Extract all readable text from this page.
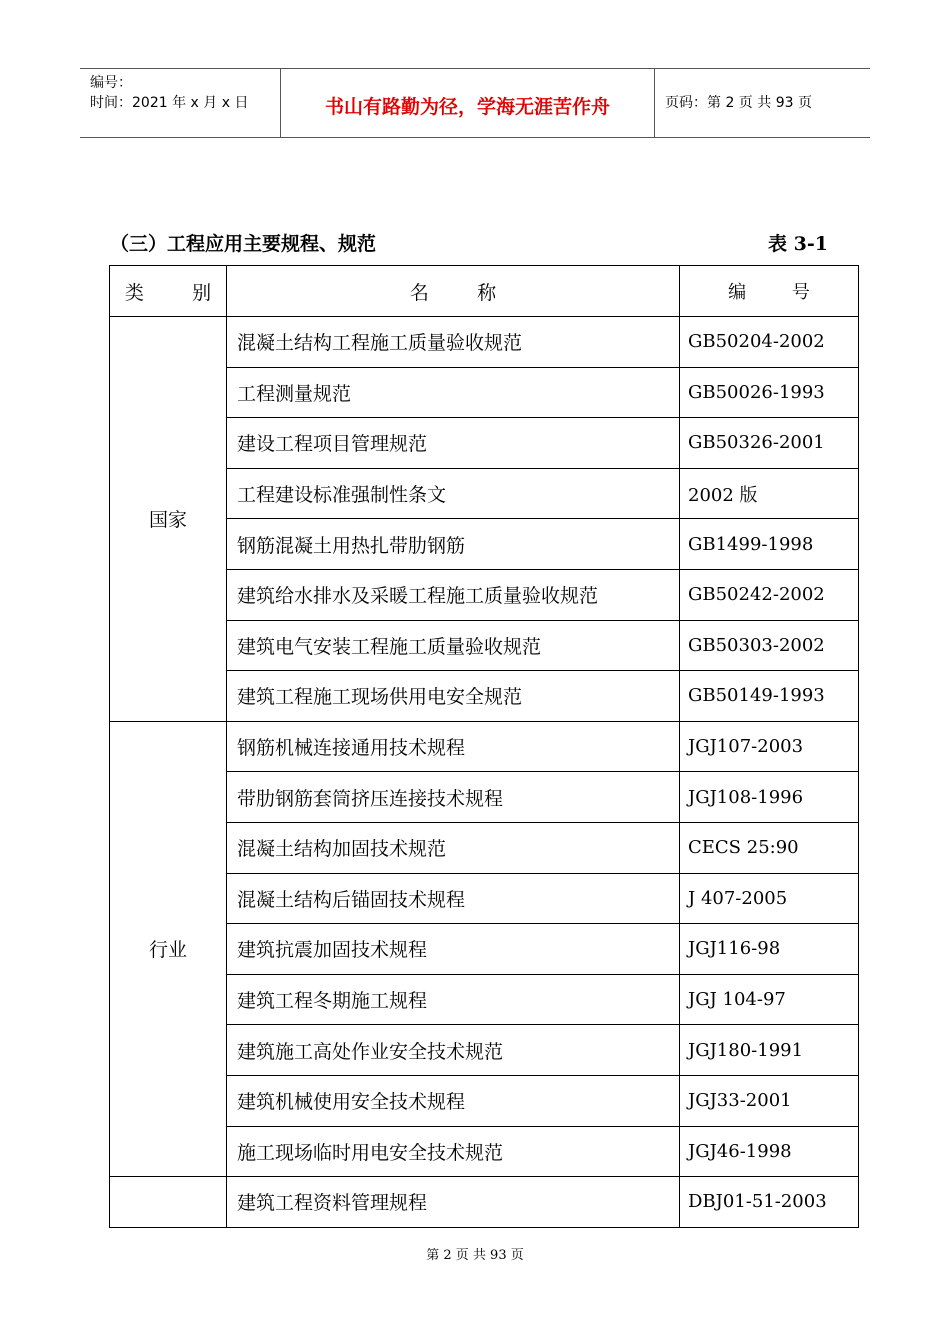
编号：
时间：2021 年 x 月 x 日	书山有路勤为径，学海无涯苦作舟	页码：第 2 页 共 93 页
（三）工程应用主要规程、规范	表 3-1
类        别	名        称	编        号
国家	混凝土结构工程施工质量验收规范	GB50204-2002
	工程测量规范	GB50026-1993
	建设工程项目管理规范	GB50326-2001
	工程建设标准强制性条文	2002 版
	钢筋混凝土用热扎带肋钢筋	GB1499-1998
	建筑给水排水及采暖工程施工质量验收规范	GB50242-2002
	建筑电气安装工程施工质量验收规范	GB50303-2002
	建筑工程施工现场供用电安全规范	GB50149-1993
行业	钢筋机械连接通用技术规程	JGJ107-2003
	带肋钢筋套筒挤压连接技术规程	JGJ108-1996
	混凝土结构加固技术规范	CECS 25:90
	混凝土结构后锚固技术规程	J 407-2005
	建筑抗震加固技术规程	JGJ116-98
	建筑工程冬期施工规程	JGJ 104-97
	建筑施工高处作业安全技术规范	JGJ180-1991
	建筑机械使用安全技术规程	JGJ33-2001
	施工现场临时用电安全技术规范	JGJ46-1998
	建筑工程资料管理规程	DBJ01-51-2003
第 2 页 共 93 页
